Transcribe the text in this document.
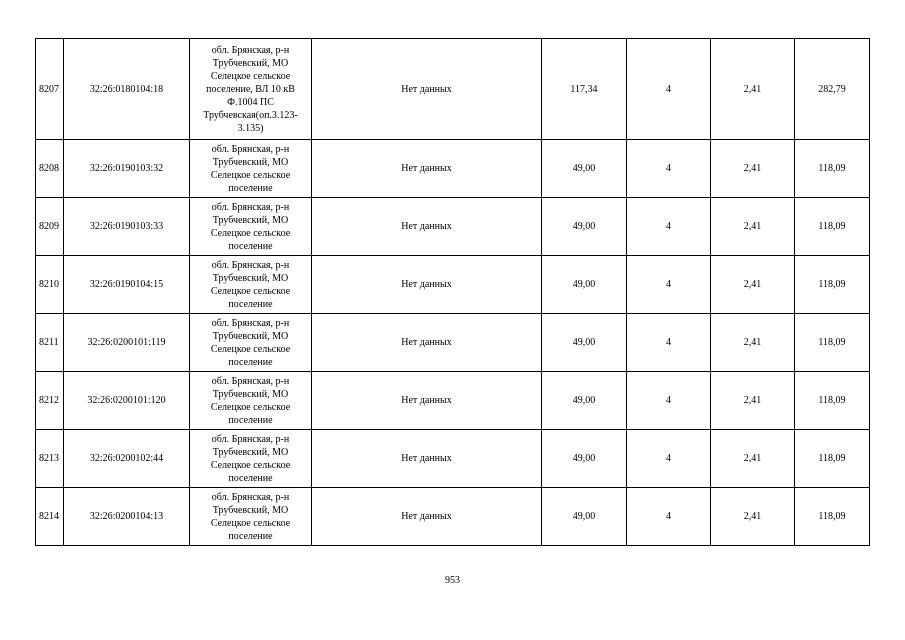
8207	32:26:0180104:18	обл. Брянская, р-н Трубчевский, МО Селецкое сельское поселение, ВЛ 10 кВ Ф.1004 ПС Трубчевская(оп.3.123-3.135)	Нет данных	117,34	4	2,41	282,79
8208	32:26:0190103:32	обл. Брянская, р-н Трубчевский, МО Селецкое сельское поселение	Нет данных	49,00	4	2,41	118,09
8209	32:26:0190103:33	обл. Брянская, р-н Трубчевский, МО Селецкое сельское поселение	Нет данных	49,00	4	2,41	118,09
8210	32:26:0190104:15	обл. Брянская, р-н Трубчевский, МО Селецкое сельское поселение	Нет данных	49,00	4	2,41	118,09
8211	32:26:0200101:119	обл. Брянская, р-н Трубчевский, МО Селецкое сельское поселение	Нет данных	49,00	4	2,41	118,09
8212	32:26:0200101:120	обл. Брянская, р-н Трубчевский, МО Селецкое сельское поселение	Нет данных	49,00	4	2,41	118,09
8213	32:26:0200102:44	обл. Брянская, р-н Трубчевский, МО Селецкое сельское поселение	Нет данных	49,00	4	2,41	118,09
8214	32:26:0200104:13	обл. Брянская, р-н Трубчевский, МО Селецкое сельское поселение	Нет данных	49,00	4	2,41	118,09
953
